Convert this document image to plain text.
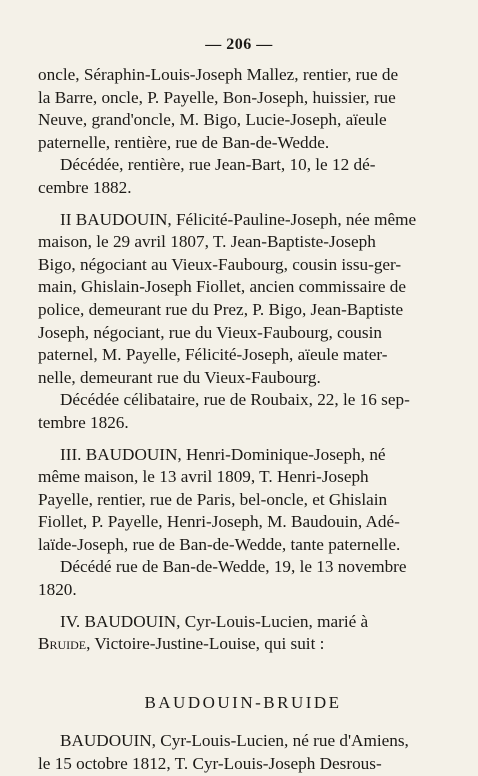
— 206 —

oncle, Séraphin-Louis-Joseph Mallez, rentier, rue de
la Barre, oncle, P. Payelle, Bon-Joseph, huissier, rue
Neuve, grand'oncle, M. Bigo, Lucie-Joseph, aïeule
paternelle, rentière, rue de Ban-de-Wedde.

Décédée, rentière, rue Jean-Bart, 10, le 12 dé-
cembre 1882.

II BAUDOUIN, Félicité-Pauline-Joseph, née même
maison, le 29 avril 1807, T. Jean-Baptiste-Joseph
Bigo, négociant au Vieux-Faubourg, cousin issu-ger-
main, Ghislain-Joseph Fiollet, ancien commissaire de
police, demeurant rue du Prez, P. Bigo, Jean-Baptiste
Joseph, négociant, rue du Vieux-Faubourg, cousin
paternel, M. Payelle, Félicité-Joseph, aïeule mater-
nelle, demeurant rue du Vieux-Faubourg.

Décédée célibataire, rue de Roubaix, 22, le 16 sep-
tembre 1826.

III. BAUDOUIN, Henri-Dominique-Joseph, né
même maison, le 13 avril 1809, T. Henri-Joseph
Payelle, rentier, rue de Paris, bel-oncle, et Ghislain
Fiollet, P. Payelle, Henri-Joseph, M. Baudouin, Adé-
laïde-Joseph, rue de Ban-de-Wedde, tante paternelle.

Décédé rue de Ban-de-Wedde, 19, le 13 novembre
1820.

IV. BAUDOUIN, Cyr-Louis-Lucien, marié à
Bruide, Victoire-Justine-Louise, qui suit :

BAUDOUIN-BRUIDE

BAUDOUIN, Cyr-Louis-Lucien, né rue d'Amiens,
le 15 octobre 1812, T. Cyr-Louis-Joseph Desrous-
